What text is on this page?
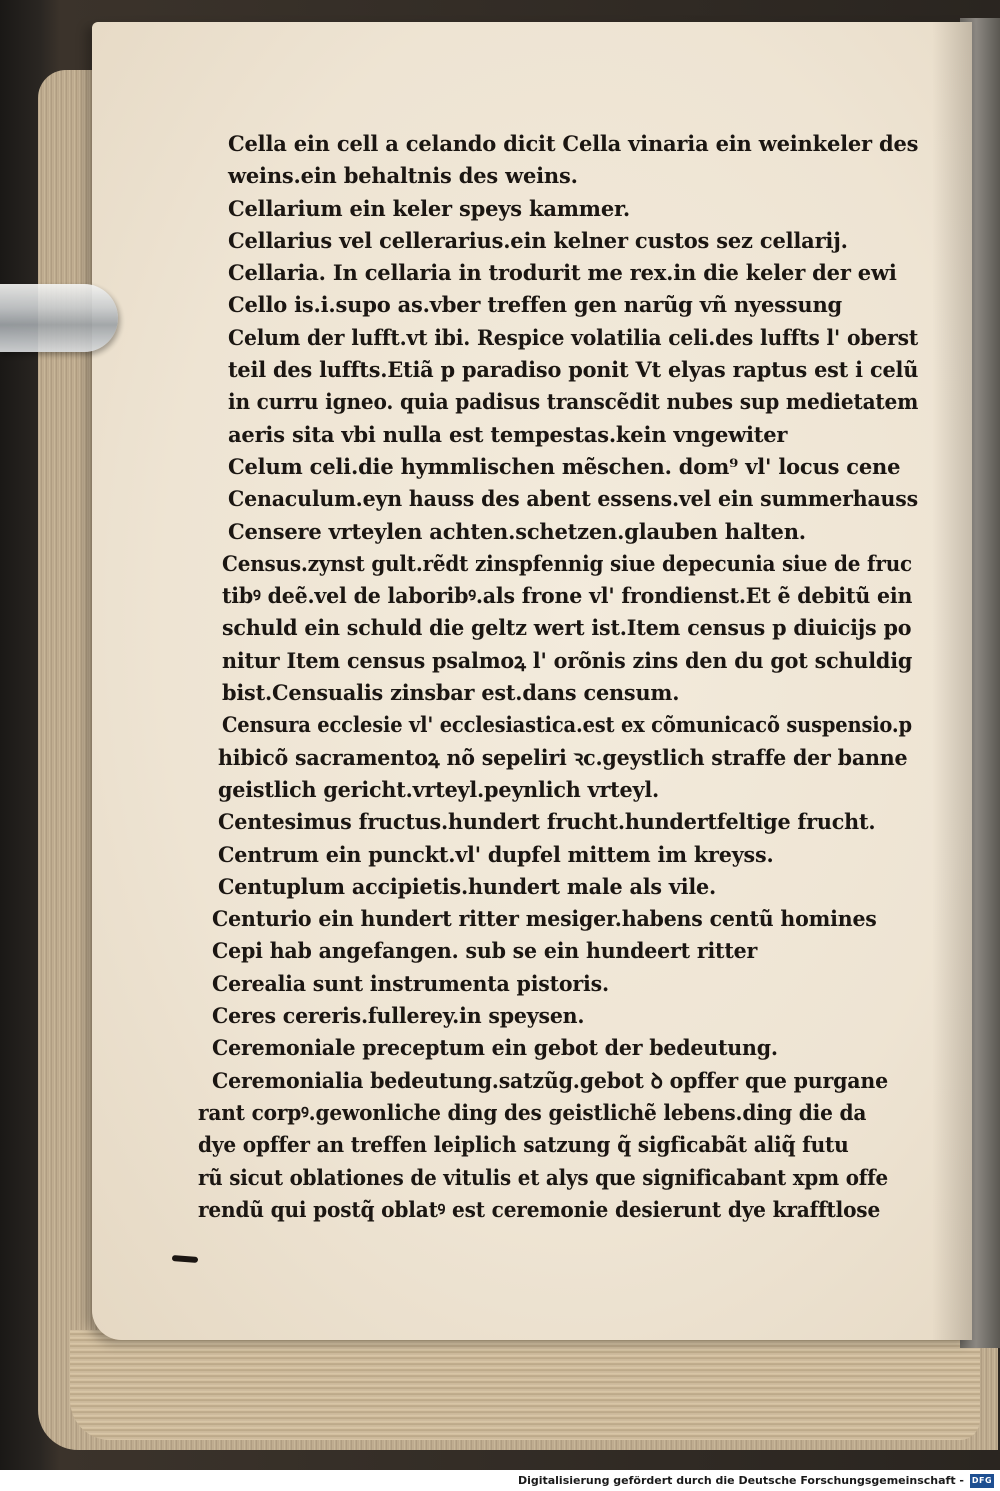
Cella ein cell a celando dicit Cella vinaria ein weinkeler des
weins.ein behaltnis des weins.
Cellarium ein keler speys kammer.
Cellarius vel cellerarius.ein kelner custos sez cellarij.
Cellaria. In cellaria in trodurit me rex.in die keler der ewi
Cello is.i.supo as.vber treffen gen narũg vñ nyessung
Celum der lufft.vt ibi. Respice volatilia celi.des luffts l' oberst
teil des luffts.Etiã p paradiso ponit Vt elyas raptus est i celũ
in curru igneo. quia padisus transcẽdit nubes sup medietatem
aeris sita vbi nulla est tempestas.kein vngewiter
Celum celi.die hymmlischen mẽschen. dom⁹ vl' locus cene
Cenaculum.eyn hauss des abent essens.vel ein summerhauss
Censere vrteylen achten.schetzen.glauben halten.
Census.zynst gult.rẽdt zinspfennig siue depecunia siue de fruc
tibꝰ deẽ.vel de laboribꝰ.als frone vl' frondienst.Et ẽ debitũ ein
schuld ein schuld die geltz wert ist.Item census p diuicijs po
nitur Item census psalmoꝝ l' orõnis zins den du got schuldig
bist.Censualis zinsbar est.dans censum.
Censura ecclesie vl' ecclesiastica.est ex cõmunicacõ suspensio.p
hibicõ sacramentoꝝ nõ sepeliri ꝛc.geystlich straffe der banne
geistlich gericht.vrteyl.peynlich vrteyl.
Centesimus fructus.hundert frucht.hundertfeltige frucht.
Centrum ein punckt.vl' dupfel mittem im kreyss.
Centuplum accipietis.hundert male als vile.
Centurio ein hundert ritter mesiger.habens centũ homines
Cepi hab angefangen. sub se ein hundeert ritter
Cerealia sunt instrumenta pistoris.
Ceres cereris.fullerey.in speysen.
Ceremoniale preceptum ein gebot der bedeutung.
Ceremonialia bedeutung.satzũg.gebot ꝺ opffer que purgane
rant corpꝰ.gewonliche ding des geistlichẽ lebens.ding die da
dye opffer an treffen leiplich satzung q̃ sigficabãt aliq̃ futu
rũ sicut oblationes de vitulis et alys que significabant xpm offe
rendũ qui postq̃ oblatꝰ est ceremonie desierunt dye krafftlose
Digitalisierung gefördert durch die Deutsche Forschungsgemeinschaft - DFG
